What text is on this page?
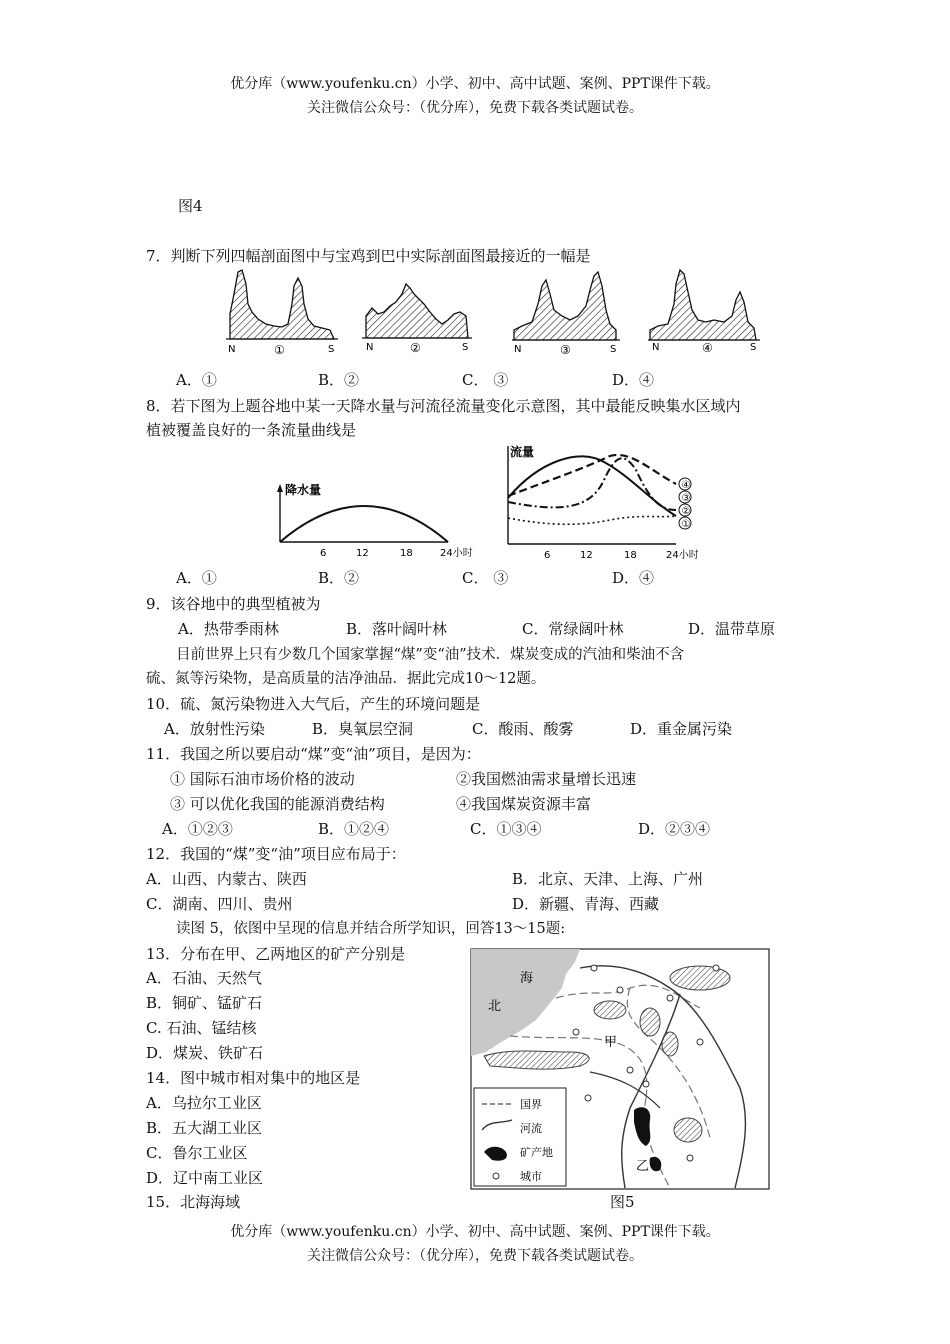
优分库（www.youfenku.cn）小学、初中、高中试题、案例、PPT课件下载。
关注微信公众号：（优分库），免费下载各类试题试卷。
图4
7．判断下列四幅剖面图中与宝鸡到巴中实际剖面图最接近的一幅是
N	①	S	N	②	S	N	③	S	N	④	S
A．①	B．②	C． ③	D．④
8．若下图为上题谷地中某一天降水量与河流径流量变化示意图，其中最能反映集水区域内
植被覆盖良好的一条流量曲线是
降水量
6	12	18	24小时
流量
④
③
②
①
6	12	18	24小时
A．①	B．②	C． ③	D．④
9．该谷地中的典型植被为
A．热带季雨林	B．落叶阔叶林	C．常绿阔叶林	D．温带草原
目前世界上只有少数几个国家掌握“煤”变“油”技术．煤炭变成的汽油和柴油不含
硫、氮等污染物，是高质量的洁净油品．据此完成10～12题。
10．硫、氮污染物进入大气后，产生的环境问题是
A．放射性污染	B．臭氧层空洞	C．酸雨、酸雾	D．重金属污染
11．我国之所以要启动“煤”变“油”项目，是因为：
① 国际石油市场价格的波动	②我国燃油需求量增长迅速
③ 可以优化我国的能源消费结构	④我国煤炭资源丰富
A．①②③	B．①②④	C．①③④	D．②③④
12．我国的“煤”变“油”项目应布局于：
A．山西、内蒙古、陕西	B．北京、天津、上海、广州
C．湖南、四川、贵州	D．新疆、青海、西藏
读图 5，依图中呈现的信息并结合所学知识，回答13～15题:
13．分布在甲、乙两地区的矿产分别是
A．石油、天然气
B．铜矿、锰矿石
C. 石油、锰结核
D．煤炭、铁矿石
14．图中城市相对集中的地区是
A．乌拉尔工业区
B．五大湖工业区
C．鲁尔工业区
D．辽中南工业区
15．北海海域
海
北
甲
乙
国界
河流
矿产地
城市
图5
优分库（www.youfenku.cn）小学、初中、高中试题、案例、PPT课件下载。
关注微信公众号：（优分库），免费下载各类试题试卷。
